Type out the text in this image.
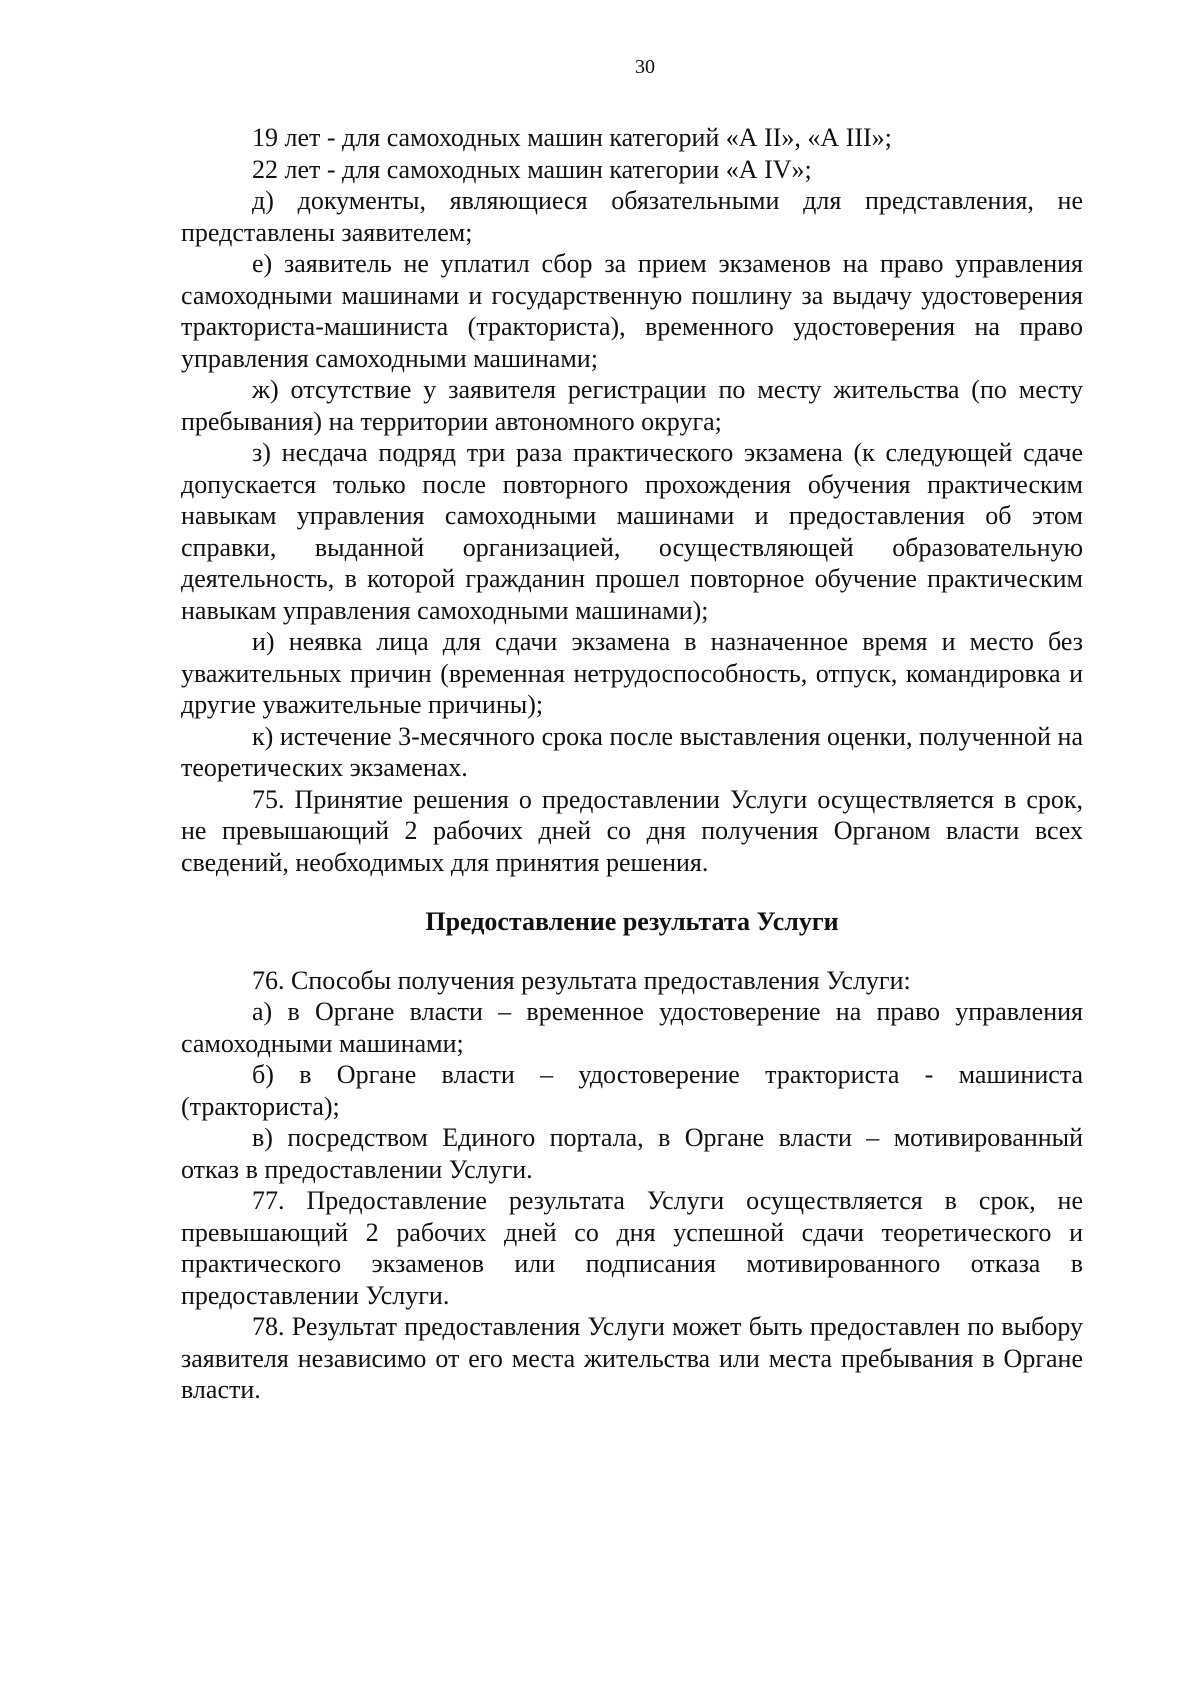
30

19 лет - для самоходных машин категорий «А II», «А III»;

22 лет - для самоходных машин категории «А IV»;

д) документы, являющиеся обязательными для представления, не представлены заявителем;

е) заявитель не уплатил сбор за прием экзаменов на право управления самоходными машинами и государственную пошлину за выдачу удостоверения тракториста-машиниста (тракториста), временного удостоверения на право управления самоходными машинами;

ж) отсутствие у заявителя регистрации по месту жительства (по месту пребывания) на территории автономного округа;

з) несдача подряд три раза практического экзамена (к следующей сдаче допускается только после повторного прохождения обучения практическим навыкам управления самоходными машинами и предоставления об этом справки, выданной организацией, осуществляющей образовательную деятельность, в которой гражданин прошел повторное обучение практическим навыкам управления самоходными машинами);

и) неявка лица для сдачи экзамена в назначенное время и место без уважительных причин (временная нетрудоспособность, отпуск, командировка и другие уважительные причины);

к) истечение 3-месячного срока после выставления оценки, полученной на теоретических экзаменах.

75. Принятие решения о предоставлении Услуги осуществляется в срок, не превышающий 2 рабочих дней со дня получения Органом власти всех сведений, необходимых для принятия решения.

Предоставление результата Услуги

76. Способы получения результата предоставления Услуги:

а) в Органе власти – временное удостоверение на право управления самоходными машинами;

б) в Органе власти – удостоверение тракториста - машиниста (тракториста);

в) посредством Единого портала, в Органе власти – мотивированный отказ в предоставлении Услуги.

77. Предоставление результата Услуги осуществляется в срок, не превышающий 2 рабочих дней со дня успешной сдачи теоретического и практического экзаменов или подписания мотивированного отказа в предоставлении Услуги.

78. Результат предоставления Услуги может быть предоставлен по выбору заявителя независимо от его места жительства или места пребывания в Органе власти.
